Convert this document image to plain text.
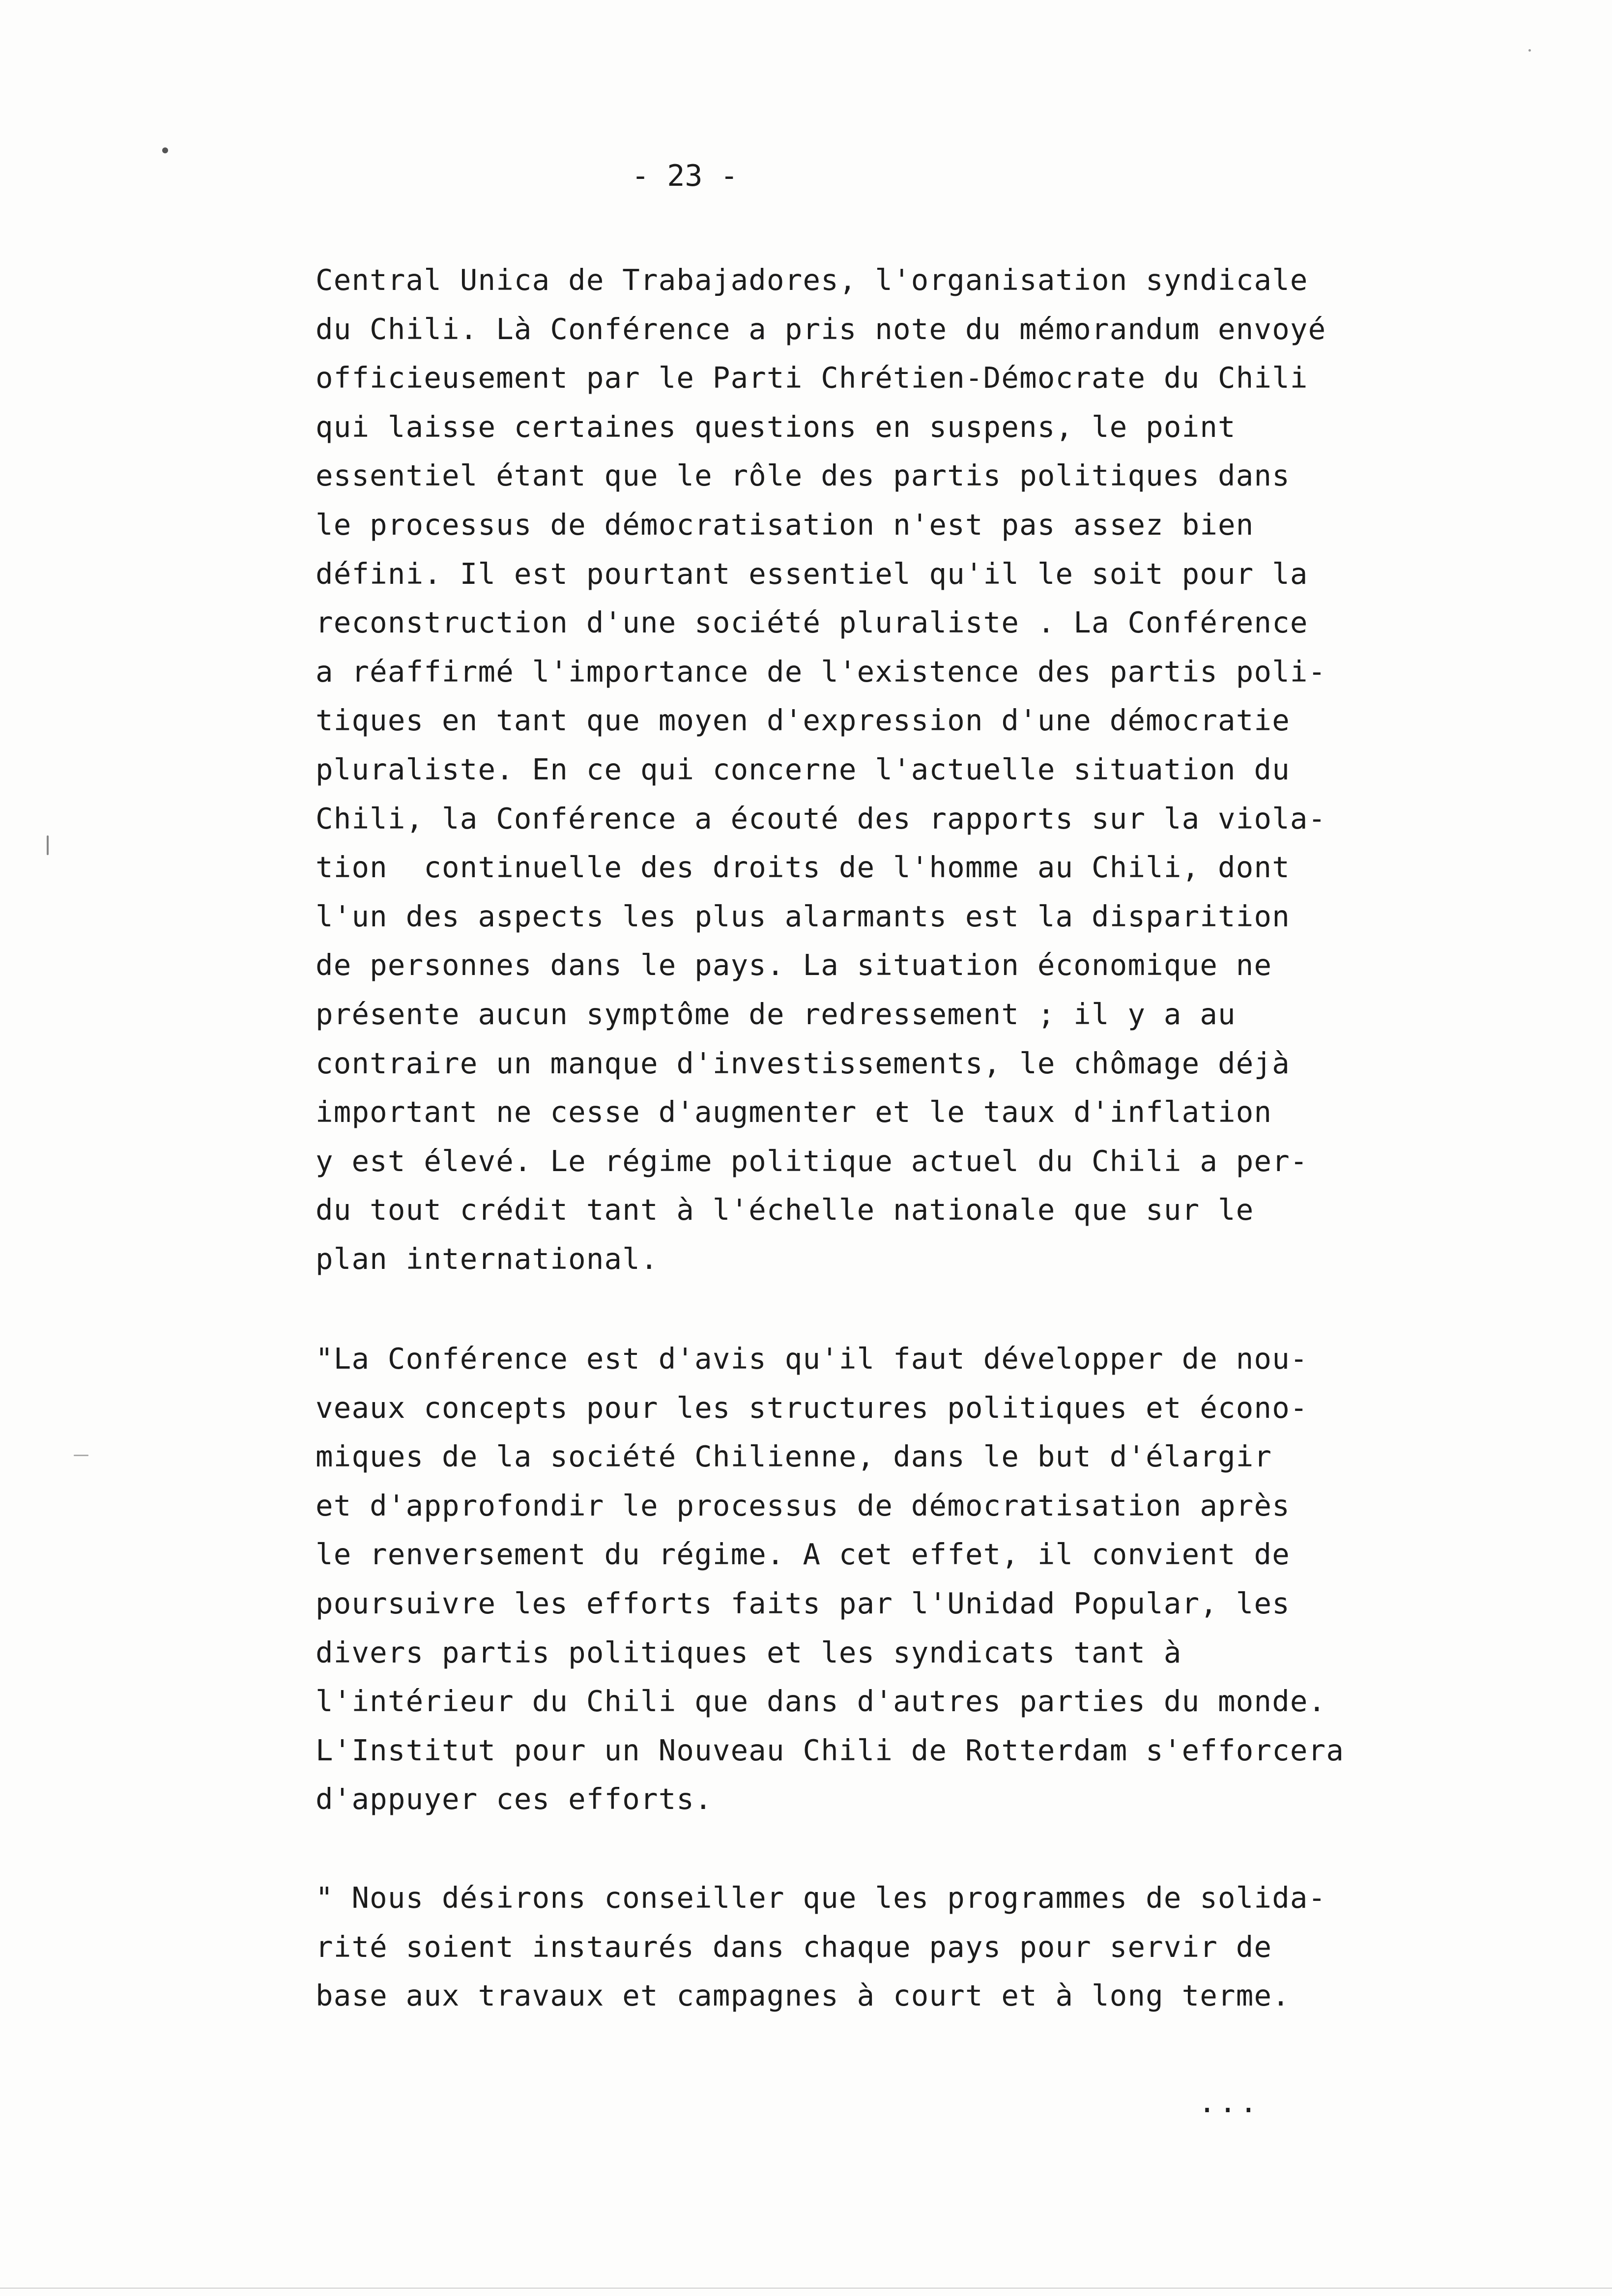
- 23 -
Central Unica de Trabajadores, l'organisation syndicale
du Chili. Là Conférence a pris note du mémorandum envoyé
officieusement par le Parti Chrétien-Démocrate du Chili
qui laisse certaines questions en suspens, le point
essentiel étant que le rôle des partis politiques dans
le processus de démocratisation n'est pas assez bien
défini. Il est pourtant essentiel qu'il le soit pour la
reconstruction d'une société pluraliste . La Conférence
a réaffirmé l'importance de l'existence des partis poli-
tiques en tant que moyen d'expression d'une démocratie
pluraliste. En ce qui concerne l'actuelle situation du
Chili, la Conférence a écouté des rapports sur la viola-
tion  continuelle des droits de l'homme au Chili, dont
l'un des aspects les plus alarmants est la disparition
de personnes dans le pays. La situation économique ne
présente aucun symptôme de redressement ; il y a au
contraire un manque d'investissements, le chômage déjà
important ne cesse d'augmenter et le taux d'inflation
y est élevé. Le régime politique actuel du Chili a per-
du tout crédit tant à l'échelle nationale que sur le
plan international.
"La Conférence est d'avis qu'il faut développer de nou-
veaux concepts pour les structures politiques et écono-
miques de la société Chilienne, dans le but d'élargir
et d'approfondir le processus de démocratisation après
le renversement du régime. A cet effet, il convient de
poursuivre les efforts faits par l'Unidad Popular, les
divers partis politiques et les syndicats tant à
l'intérieur du Chili que dans d'autres parties du monde.
L'Institut pour un Nouveau Chili de Rotterdam s'efforcera
d'appuyer ces efforts.
" Nous désirons conseiller que les programmes de solida-
rité soient instaurés dans chaque pays pour servir de
base aux travaux et campagnes à court et à long terme.
...
